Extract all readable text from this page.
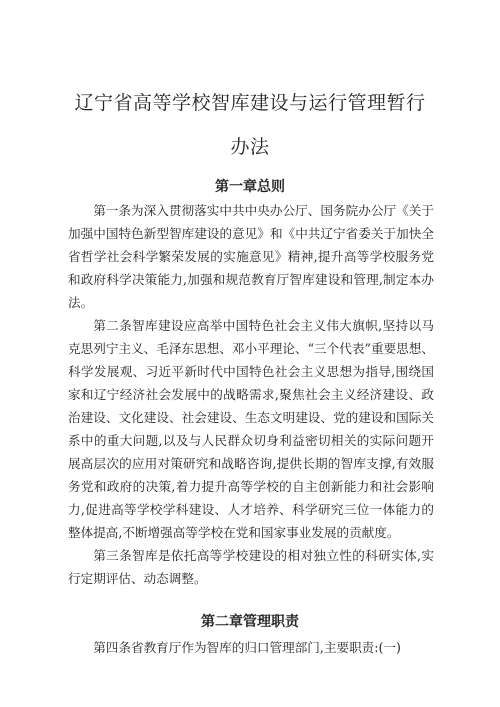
辽宁省高等学校智库建设与运行管理暂行
办法
第一章总则
第一条为深入贯彻落实中共中央办公厅、国务院办公厅《关于加强中国特色新型智库建设的意见》和《中共辽宁省委关于加快全省哲学社会科学繁荣发展的实施意见》精神,提升高等学校服务党和政府科学决策能力,加强和规范教育厅智库建设和管理,制定本办法。
第二条智库建设应高举中国特色社会主义伟大旗帜,坚持以马克思列宁主义、毛泽东思想、邓小平理论、“三个代表”重要思想、科学发展观、习近平新时代中国特色社会主义思想为指导,围绕国家和辽宁经济社会发展中的战略需求,聚焦社会主义经济建设、政治建设、文化建设、社会建设、生态文明建设、党的建设和国际关系中的重大问题,以及与人民群众切身利益密切相关的实际问题开展高层次的应用对策研究和战略咨询,提供长期的智库支撑,有效服务党和政府的决策,着力提升高等学校的自主创新能力和社会影响力,促进高等学校学科建设、人才培养、科学研究三位一体能力的整体提高,不断增强高等学校在党和国家事业发展的贡献度。
第三条智库是依托高等学校建设的相对独立性的科研实体,实行定期评估、动态调整。
第二章管理职责
第四条省教育厅作为智库的归口管理部门,主要职责:(一)
